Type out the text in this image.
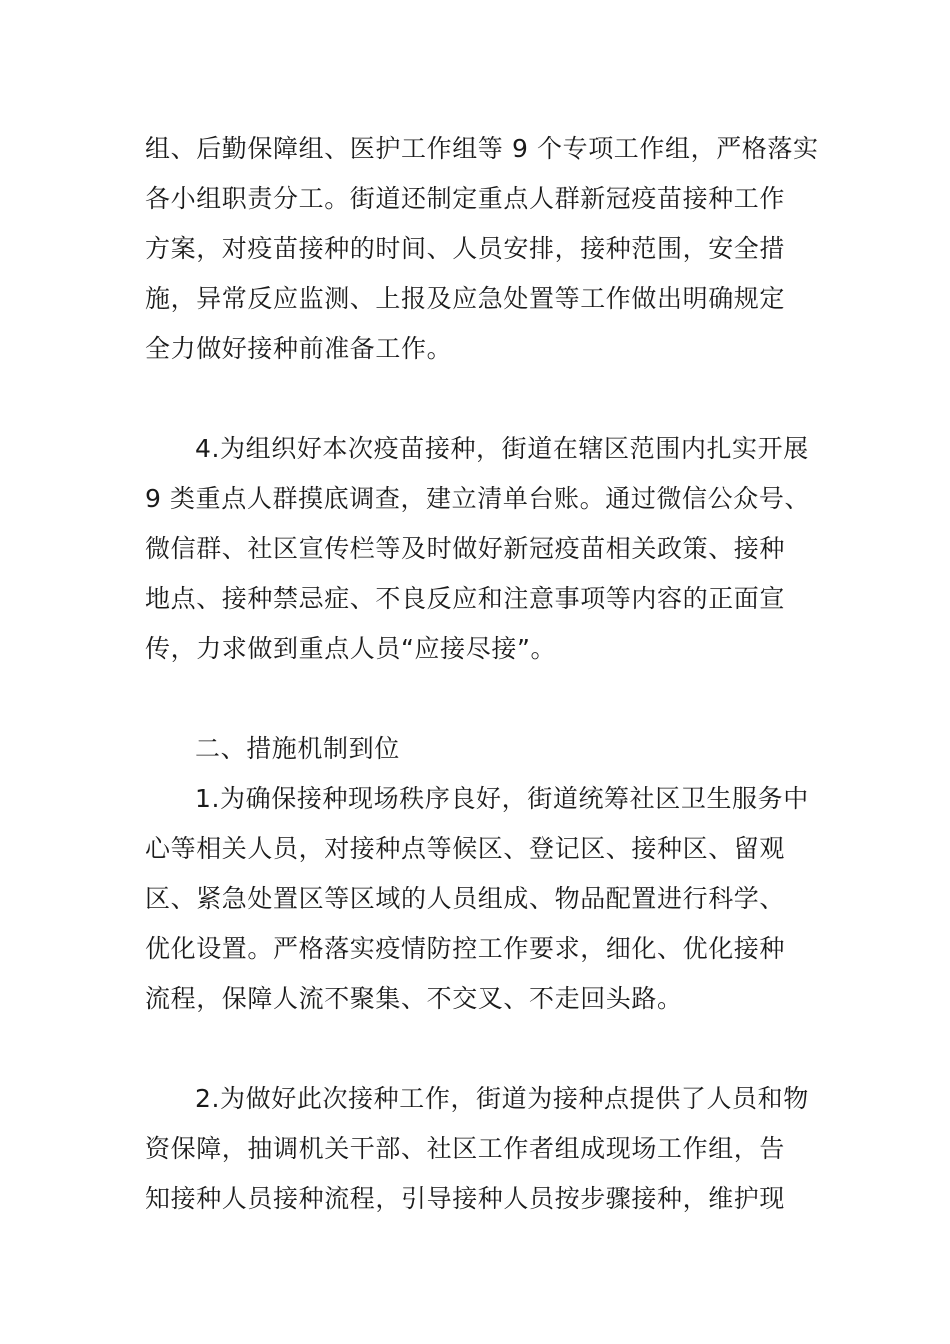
组、后勤保障组、医护工作组等 9 个专项工作组，严格落实

各小组职责分工。街道还制定重点人群新冠疫苗接种工作

方案，对疫苗接种的时间、人员安排，接种范围，安全措

施，异常反应监测、上报及应急处置等工作做出明确规定

全力做好接种前准备工作。

4.为组织好本次疫苗接种，街道在辖区范围内扎实开展

9 类重点人群摸底调查，建立清单台账。通过微信公众号、

微信群、社区宣传栏等及时做好新冠疫苗相关政策、接种

地点、接种禁忌症、不良反应和注意事项等内容的正面宣

传，力求做到重点人员“应接尽接”。

二、措施机制到位

1.为确保接种现场秩序良好，街道统筹社区卫生服务中

心等相关人员，对接种点等候区、登记区、接种区、留观

区、紧急处置区等区域的人员组成、物品配置进行科学、

优化设置。严格落实疫情防控工作要求，细化、优化接种

流程，保障人流不聚集、不交叉、不走回头路。

2.为做好此次接种工作，街道为接种点提供了人员和物

资保障，抽调机关干部、社区工作者组成现场工作组，告

知接种人员接种流程，引导接种人员按步骤接种，维护现
